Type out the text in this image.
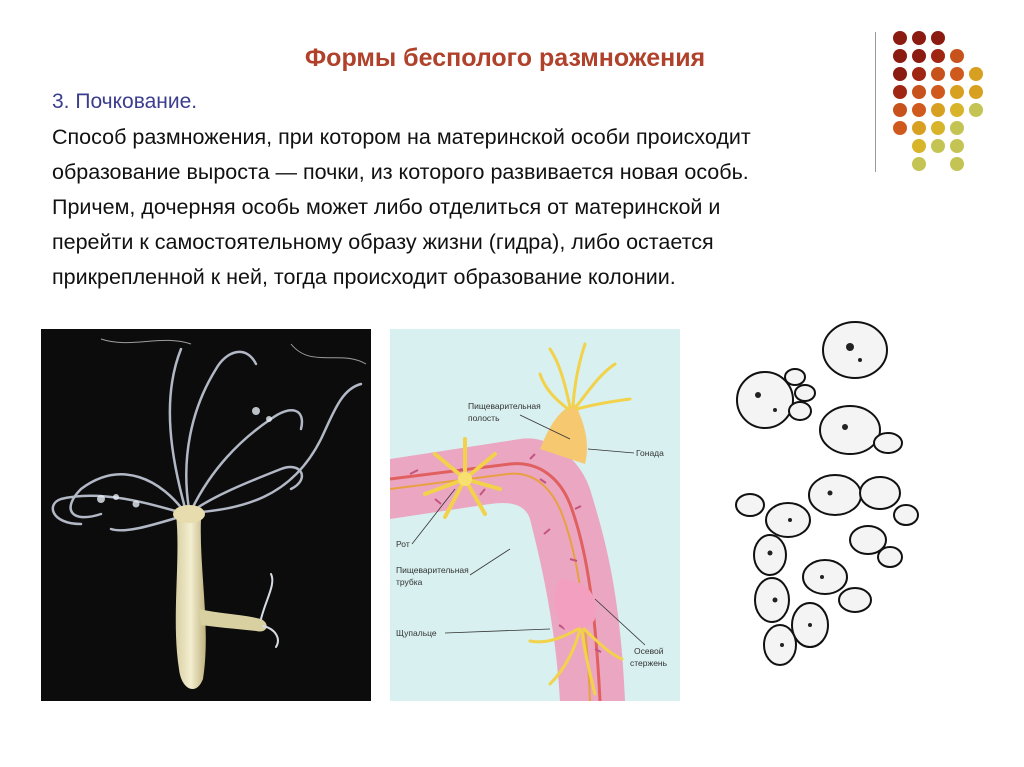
Формы бесполого размножения
3. Почкование.
Способ размножения, при котором на материнской особи происходит
образование выроста — почки, из которого развивается новая особь.
Причем, дочерняя особь может либо отделиться от материнской и
перейти к самостоятельному образу жизни (гидра), либо остается
прикрепленной к ней, тогда происходит образование колонии.
Пищеварительная
полость
Гонада
Рот
Пищеварительная
трубка
Щупальце
Осевой
стержень
